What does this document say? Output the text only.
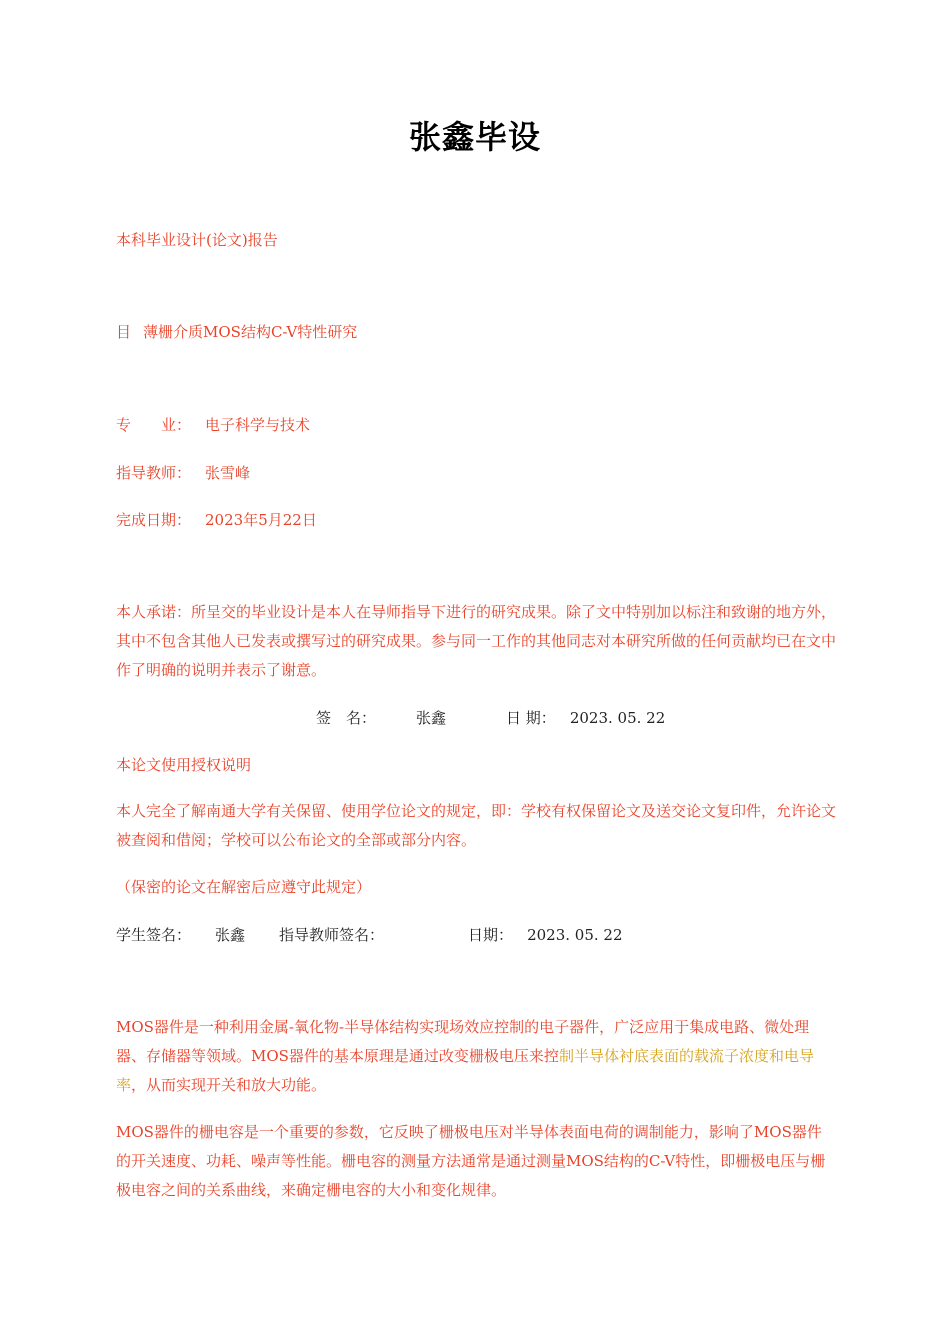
张鑫毕设
本科毕业设计(论文)报告
目 薄栅介质MOS结构C-V特性研究
专　　业： 电子科学与技术
指导教师： 张雪峰
完成日期： 2023年5月22日
本人承诺：所呈交的毕业设计是本人在导师指导下进行的研究成果。除了文中特别加以标注和致谢的地方外，其中不包含其他人已发表或撰写过的研究成果。参与同一工作的其他同志对本研究所做的任何贡献均已在文中作了明确的说明并表示了谢意。
签　名：	张鑫	日 期： 2023. 05. 22
本论文使用授权说明
本人完全了解南通大学有关保留、使用学位论文的规定，即：学校有权保留论文及送交论文复印件，允许论文被查阅和借阅；学校可以公布论文的全部或部分内容。
（保密的论文在解密后应遵守此规定）
学生签名： 张鑫 指导教师签名：	日期： 2023. 05. 22
MOS器件是一种利用金属-氧化物-半导体结构实现场效应控制的电子器件，广泛应用于集成电路、微处理器、存储器等领域。MOS器件的基本原理是通过改变栅极电压来控制半导体衬底表面的载流子浓度和电导率，从而实现开关和放大功能。
MOS器件的栅电容是一个重要的参数，它反映了栅极电压对半导体表面电荷的调制能力，影响了MOS器件的开关速度、功耗、噪声等性能。栅电容的测量方法通常是通过测量MOS结构的C-V特性，即栅极电压与栅极电容之间的关系曲线，来确定栅电容的大小和变化规律。
